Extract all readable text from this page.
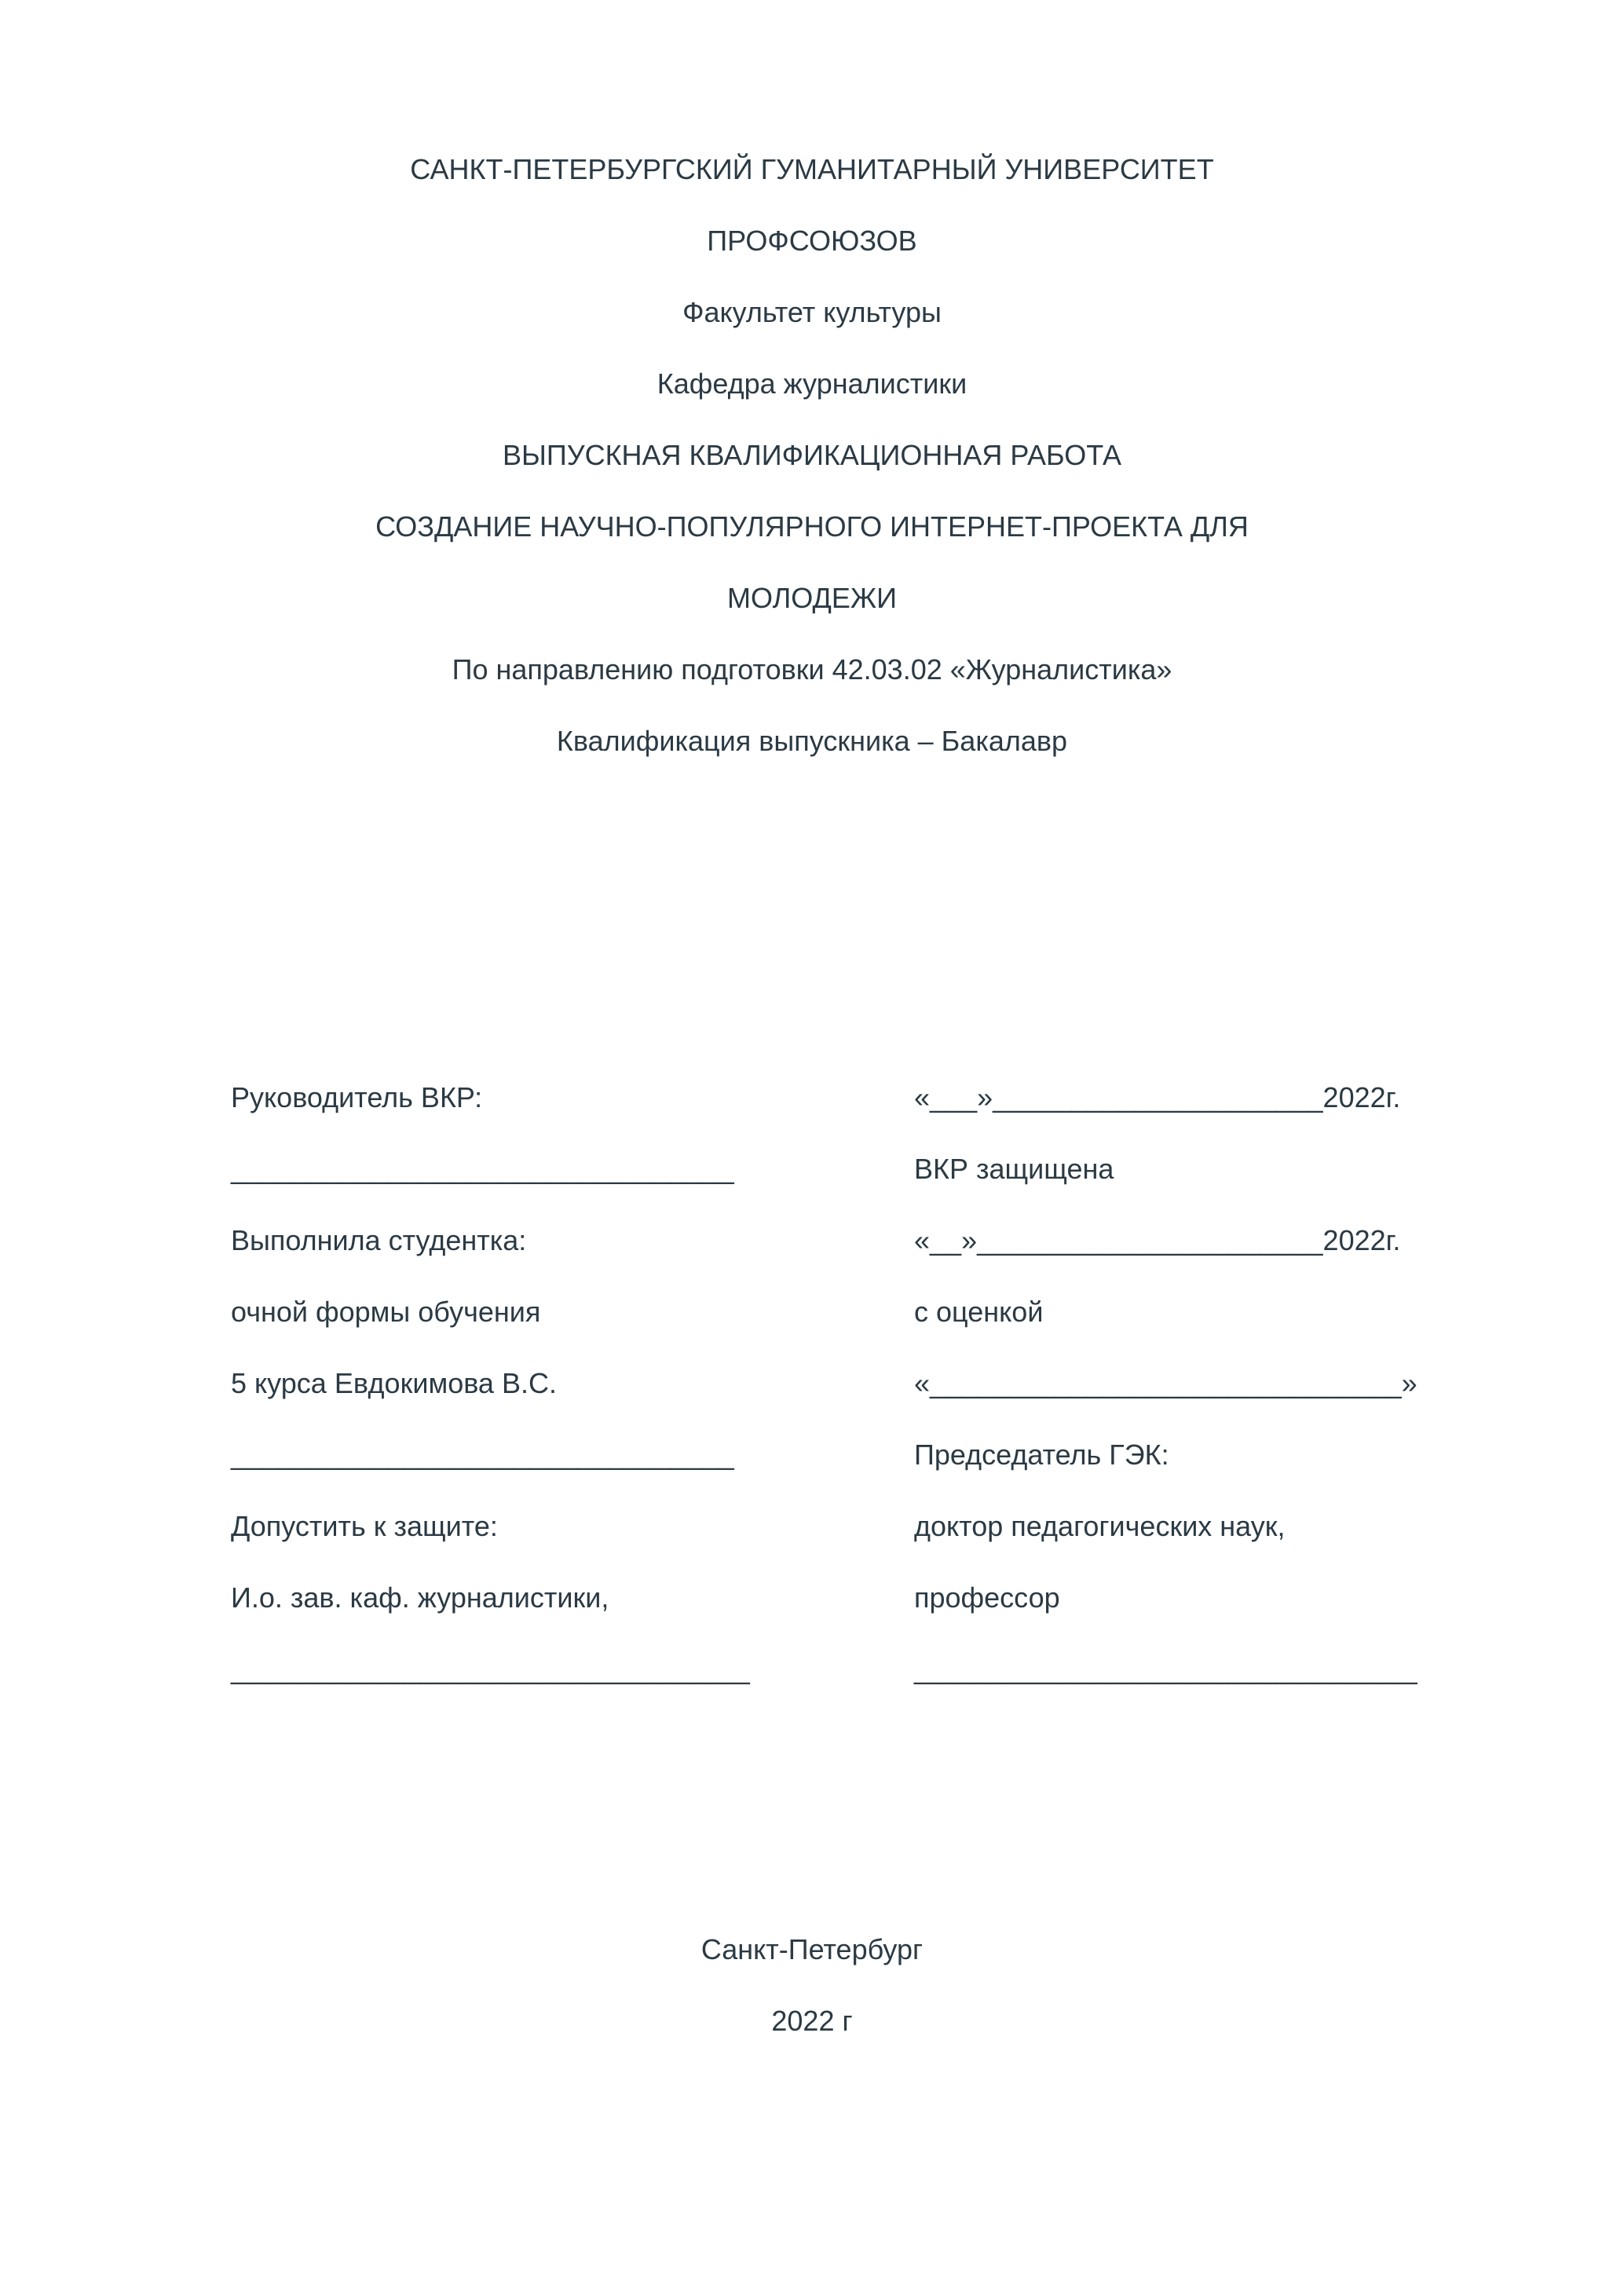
САНКТ-ПЕТЕРБУРГСКИЙ ГУМАНИТАРНЫЙ УНИВЕРСИТЕТ
ПРОФСОЮЗОВ
Факультет культуры
Кафедра журналистики
ВЫПУСКНАЯ КВАЛИФИКАЦИОННАЯ РАБОТА
СОЗДАНИЕ НАУЧНО-ПОПУЛЯРНОГО ИНТЕРНЕТ-ПРОЕКТА ДЛЯ
МОЛОДЕЖИ
По направлению подготовки 42.03.02 «Журналистика»
Квалификация выпускника – Бакалавр
Руководитель ВКР:
________________________________
Выполнила студентка:
очной формы обучения
5 курса Евдокимова В.С.
________________________________
Допустить к защите:
И.о. зав. каф. журналистики,
_________________________________
«___»_____________________2022г.
ВКР защищена
«__»______________________2022г.
с оценкой
«______________________________»
Председатель ГЭК:
доктор педагогических наук,
профессор
________________________________
Санкт-Петербург
2022 г
